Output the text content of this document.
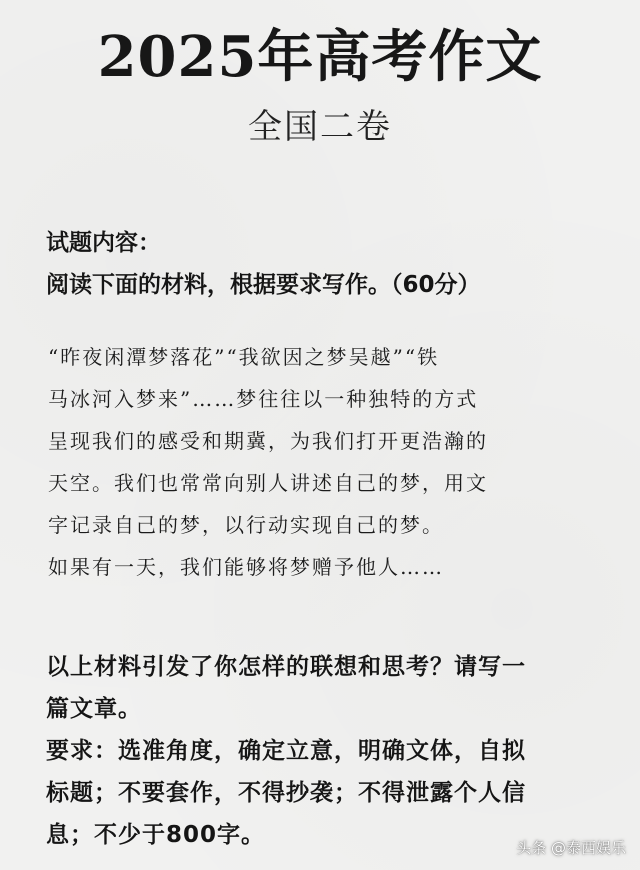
2025年高考作文
全国二卷
试题内容：
阅读下面的材料，根据要求写作。（60分）
“昨夜闲潭梦落花”“我欲因之梦吴越”“铁
马冰河入梦来”……梦往往以一种独特的方式
呈现我们的感受和期冀，为我们打开更浩瀚的
天空。我们也常常向别人讲述自己的梦，用文
字记录自己的梦，以行动实现自己的梦。
如果有一天，我们能够将梦赠予他人……
以上材料引发了你怎样的联想和思考？请写一
篇文章。
要求：选准角度，确定立意，明确文体，自拟
标题；不要套作，不得抄袭；不得泄露个人信
息；不少于800字。	头条 @泰西娱乐
